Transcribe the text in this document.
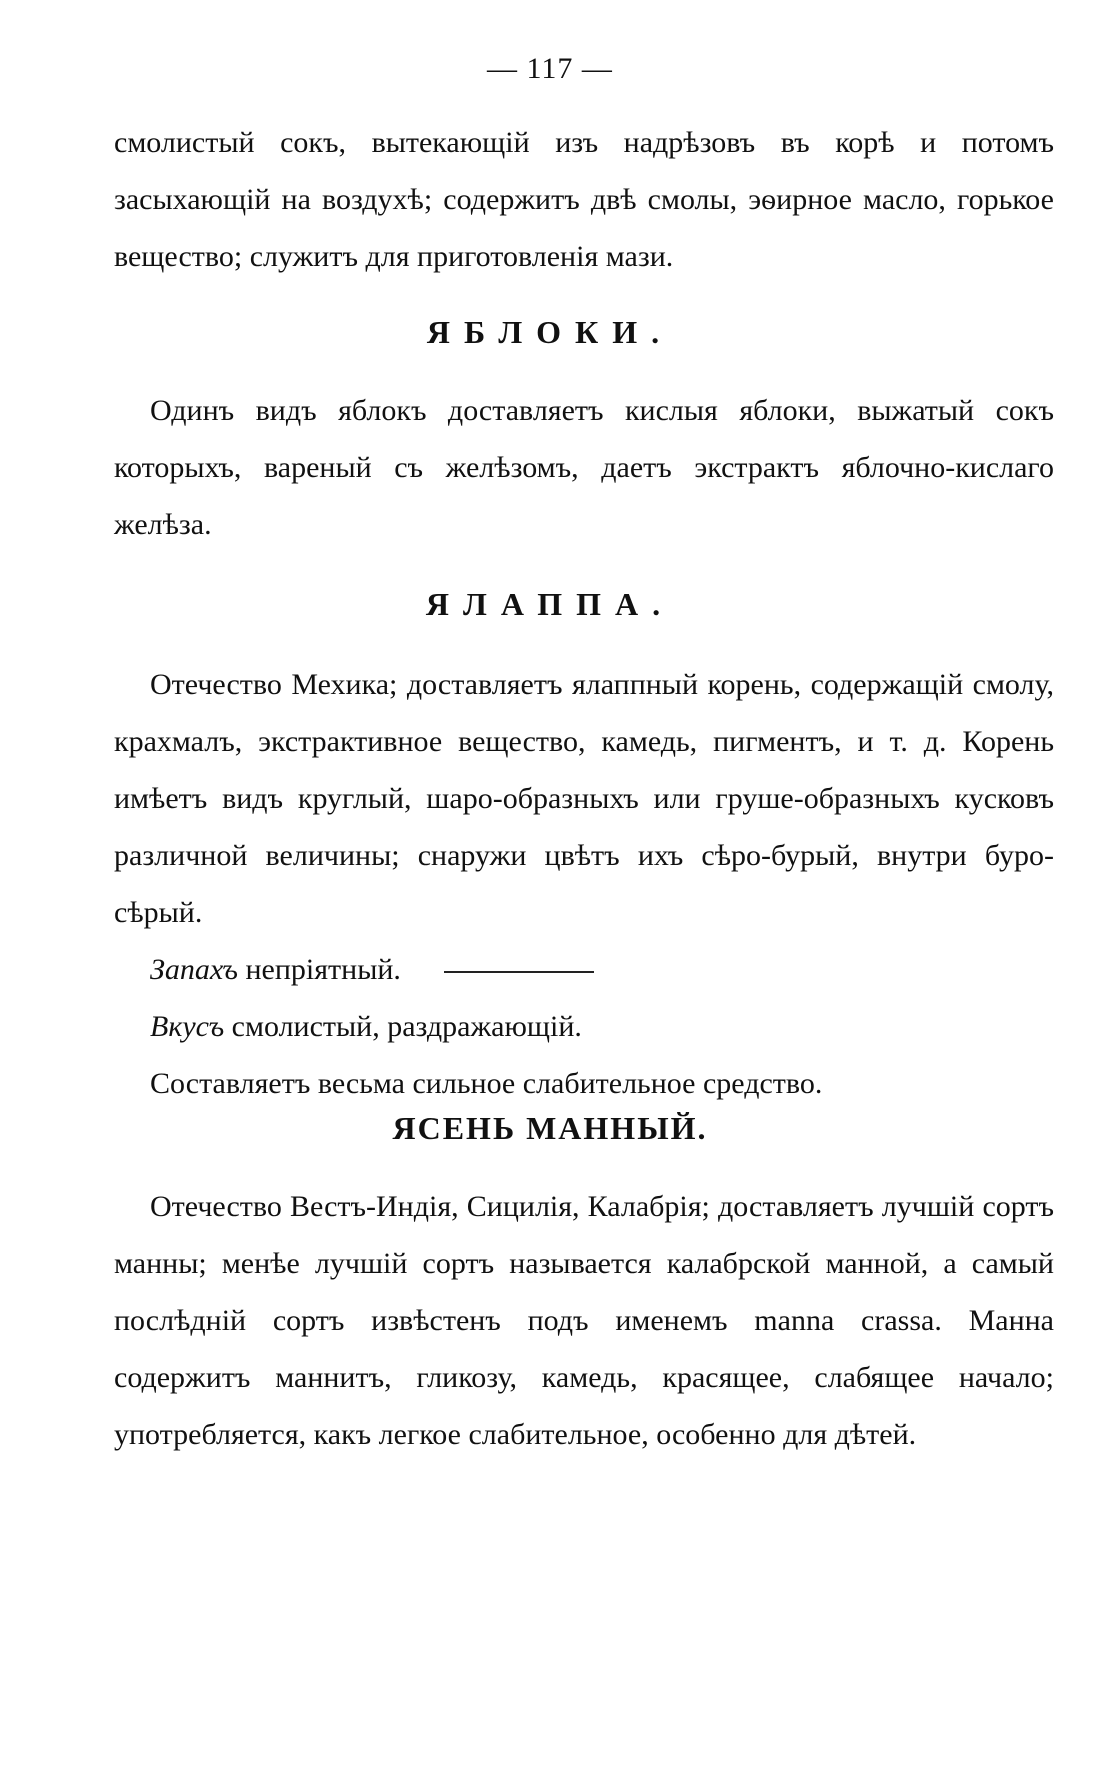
— 117 —

смолистый сокъ, вытекающій изъ надрѣзовъ въ корѣ и потомъ засыхающій на воздухѣ; содержитъ двѣ смолы, эѳирное масло, горькое вещество; служитъ для приготовленія мази.

ЯБЛОКИ.

Одинъ видъ яблокъ доставляетъ кислыя яблоки, выжатый сокъ которыхъ, вареный съ желѣзомъ, даетъ экстрактъ яблочно-кислаго желѣза.

ЯЛАППА.

Отечество Мехика; доставляетъ ялаппный корень, содержащій смолу, крахмалъ, экстрактивное вещество, камедь, пигментъ, и т. д. Корень имѣетъ видъ круглый, шаро-образныхъ или груше-образныхъ кусковъ различной величины; снаружи цвѣтъ ихъ сѣро-бурый, внутри буро-сѣрый.

Запахъ непріятный.
Вкусъ смолистый, раздражающій.
Составляетъ весьма сильное слабительное средство.
ЯСЕНЬ МАННЫЙ.

Отечество Вестъ-Индія, Сицилія, Калабрія; доставляетъ лучшій сортъ манны; менѣе лучшій сортъ называется калабрской манной, а самый послѣдній сортъ извѣстенъ подъ именемъ manna crassa. Манна содержитъ маннитъ, гликозу, камедь, красящее, слабящее начало; употребляется, какъ легкое слабительное, особенно для дѣтей.
